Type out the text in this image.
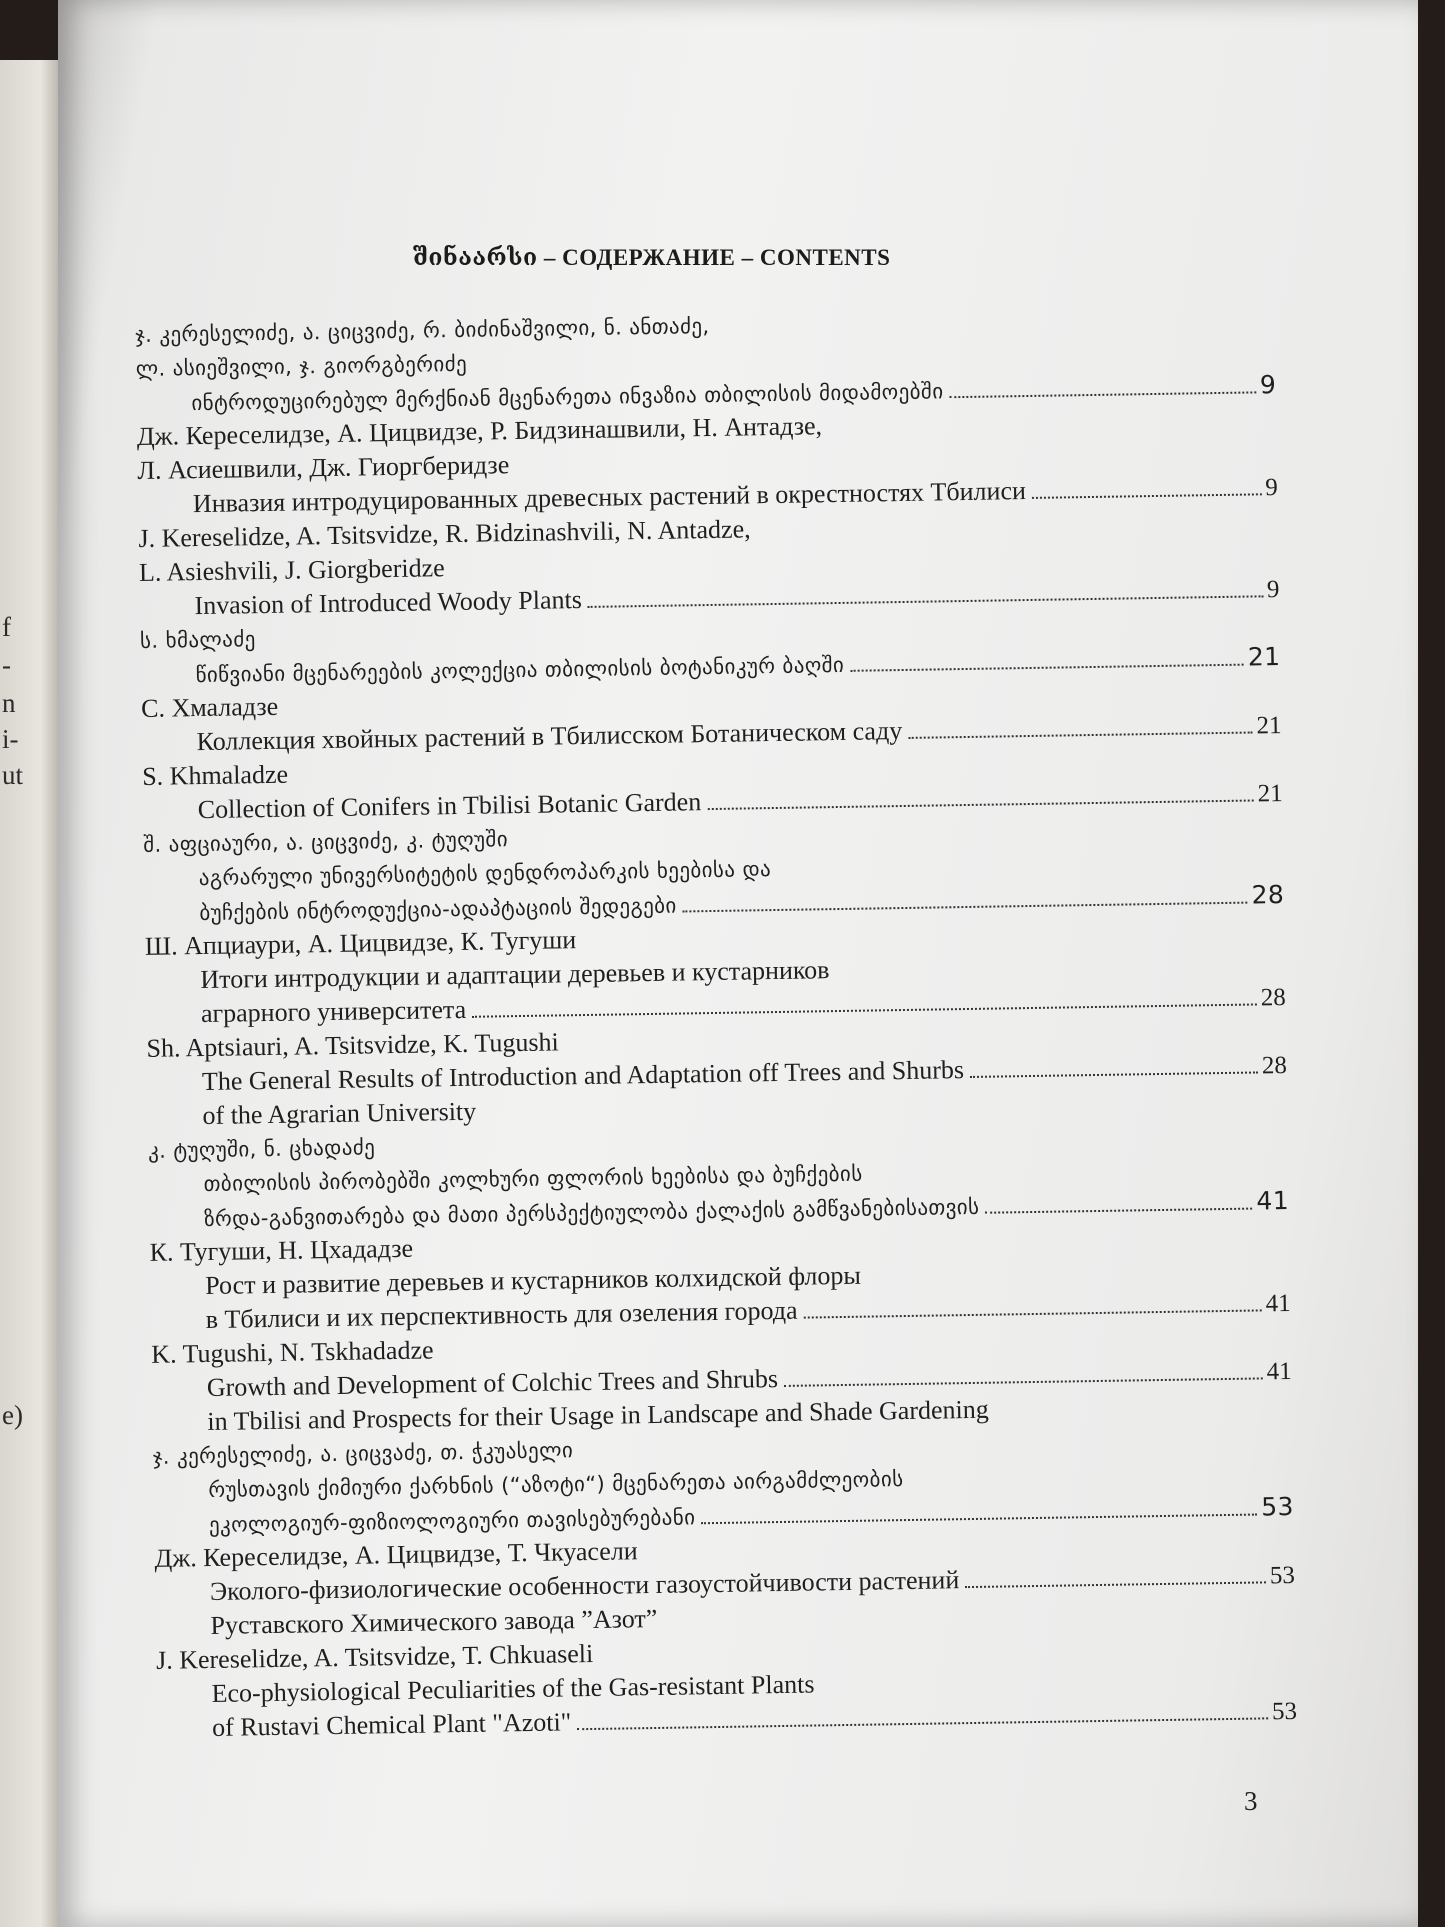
f
-
n
i-
ut
e)
შინაარსი – СОДЕРЖАНИЕ – CONTENTS
ჯ. კერესელიძე, ა. ციცვიძე, რ. ბიძინაშვილი, ნ. ანთაძე,
ლ. ასიეშვილი, ჯ. გიორგბერიძე
ინტროდუცირებულ მერქნიან მცენარეთა ინვაზია თბილისის მიდამოებში	9
Дж. Кереселидзе, А. Цицвидзе, Р. Бидзинашвили, Н. Антадзе,
Л. Асиешвили, Дж. Гиоргберидзе
Инвазия интродуцированных древесных растений в окрестностях Тбилиси	9
J. Kereselidze, A. Tsitsvidze, R. Bidzinashvili, N. Antadze,
L. Asieshvili, J. Giorgberidze
Invasion of Introduced Woody Plants	9
ს. ხმალაძე
წიწვიანი მცენარეების კოლექცია თბილისის ბოტანიკურ ბაღში	21
С. Хмаладзе
Коллекция хвойных растений в Тбилисском Ботаническом саду	21
S. Khmaladze
Collection of Conifers in Tbilisi Botanic Garden	21
შ. აფციაური, ა. ციცვიძე, კ. ტუღუში
აგრარული უნივერსიტეტის დენდროპარკის ხეებისა და
ბუჩქების ინტროდუქცია-ადაპტაციის შედეგები	28
Ш. Апциаури, А. Цицвидзе, К. Тугуши
Итоги интродукции и адаптации деревьев и кустарников
аграрного университета	28
Sh. Aptsiauri, A. Tsitsvidze, K. Tugushi
The General Results of Introduction and Adaptation off Trees and Shurbs	28
of the Agrarian University
კ. ტუღუში, ნ. ცხადაძე
თბილისის პირობებში კოლხური ფლორის ხეებისა და ბუჩქების
ზრდა-განვითარება და მათი პერსპექტიულობა ქალაქის გამწვანებისათვის	41
К. Тугуши, Н. Цхададзе
Рост и развитие деревьев и кустарников колхидской флоры
в Тбилиси и их перспективность для озеления города	41
K. Tugushi, N. Tskhadadze
Growth and Development of Colchic Trees and Shrubs	41
in Tbilisi and Prospects for their Usage in Landscape and Shade Gardening
ჯ. კერესელიძე, ა. ციცვაძე, თ. ჭკუასელი
რუსთავის ქიმიური ქარხნის (“აზოტი“) მცენარეთა აირგამძლეობის
ეკოლოგიურ-ფიზიოლოგიური თავისებურებანი	53
Дж. Кереселидзе, А. Цицвидзе, Т. Чкуасели
Эколого-физиологические особенности газоустойчивости растений	53
Руставского Химического завода ”Азот”
J. Kereselidze, A. Tsitsvidze, T. Chkuaseli
Eco-physiological Peculiarities of the Gas-resistant Plants
of Rustavi Chemical Plant "Azoti"	53
3
